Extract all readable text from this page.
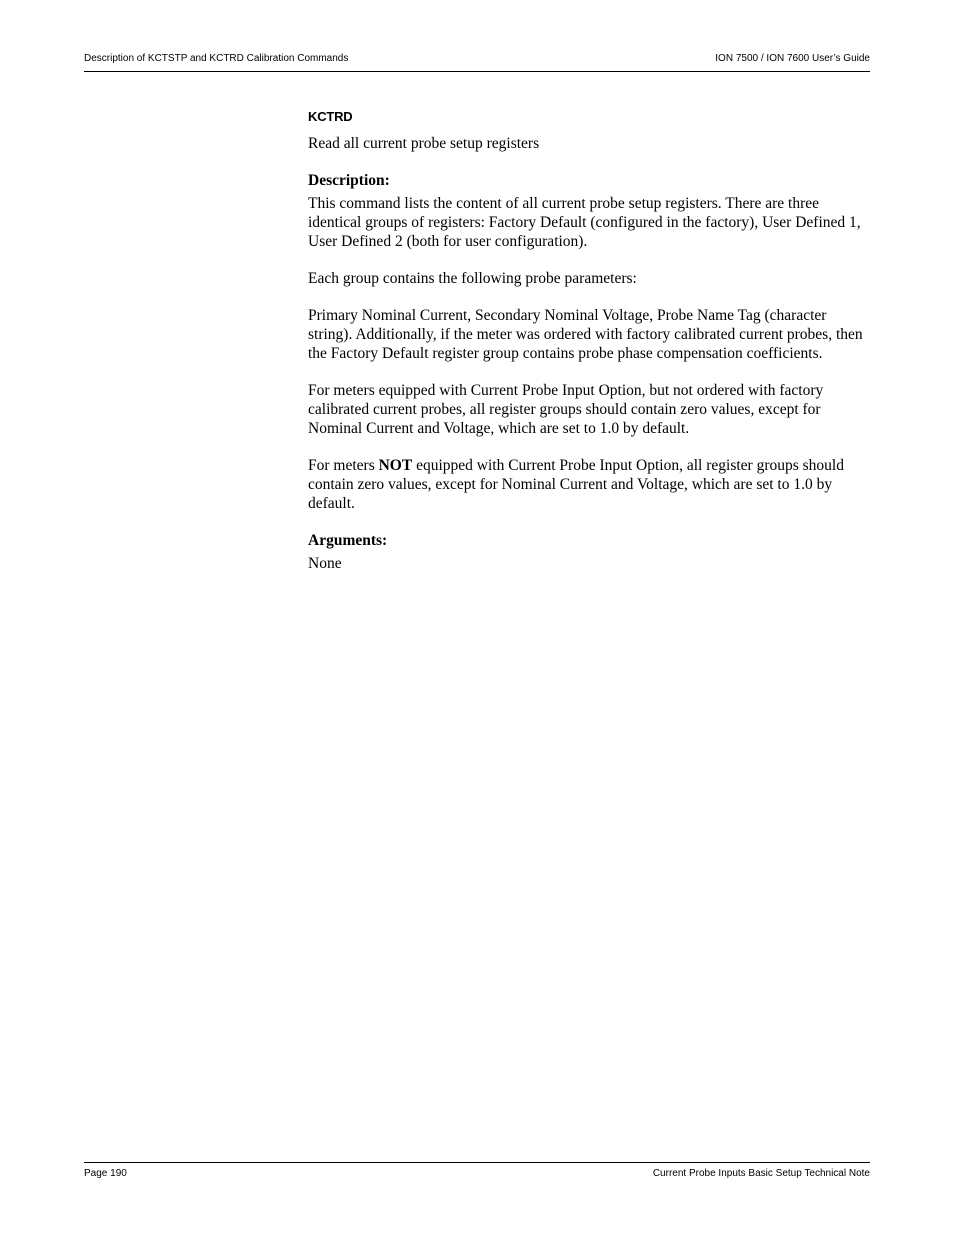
Description of KCTSTP and KCTRD Calibration Commands	ION 7500 / ION 7600 User’s Guide
KCTRD
Read all current probe setup registers
Description:
This command lists the content of all current probe setup registers. There are three identical groups of registers: Factory Default (configured in the factory), User Defined 1, User Defined 2 (both for user configuration).
Each group contains the following probe parameters:
Primary Nominal Current, Secondary Nominal Voltage, Probe Name Tag (character string). Additionally, if the meter was ordered with factory calibrated current probes, then the Factory Default register group contains probe phase compensation coefficients.
For meters equipped with Current Probe Input Option, but not ordered with factory calibrated current probes, all register groups should contain zero values, except for Nominal Current and Voltage, which are set to 1.0 by default.
For meters NOT equipped with Current Probe Input Option, all register groups should contain zero values, except for Nominal Current and Voltage, which are set to 1.0 by default.
Arguments:
None
Page 190	Current Probe Inputs Basic Setup Technical Note
